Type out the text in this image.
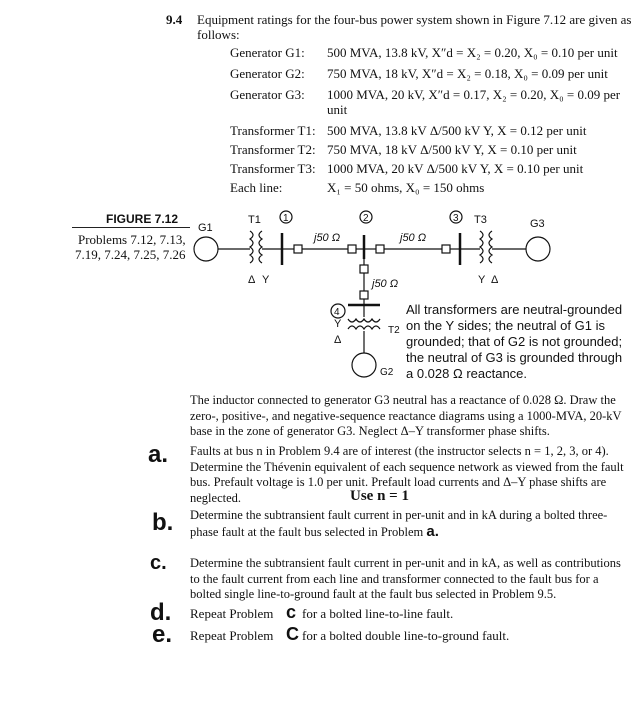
9.4 Equipment ratings for the four-bus power system shown in Figure 7.12 are given as
follows:
Generator G1: 500 MVA, 13.8 kV, X″d = X₂ = 0.20, X₀ = 0.10 per unit
Generator G2: 750 MVA, 18 kV, X″d = X₂ = 0.18, X₀ = 0.09 per unit
Generator G3: 1000 MVA, 20 kV, X″d = 0.17, X₂ = 0.20, X₀ = 0.09 per
unit
Transformer T1: 500 MVA, 13.8 kV Δ/500 kV Y, X = 0.12 per unit
Transformer T2: 750 MVA, 18 kV Δ/500 kV Y, X = 0.10 per unit
Transformer T3: 1000 MVA, 20 kV Δ/500 kV Y, X = 0.10 per unit
Each line:	X₁ = 50 ohms, X₀ = 150 ohms
FIGURE 7.12
Problems 7.12, 7.13,
7.19, 7.24, 7.25, 7.26
G1
T1 1	2	3
4
T3	G3
j50 Ω	j50 Ω
j50 Ω
Δ Y	Y Δ
Y
Δ
T2
G2
All transformers are neutral-grounded
on the Y sides; the neutral of G1 is
grounded; that of G2 is not grounded;
the neutral of G3 is grounded through
a 0.028 Ω reactance.
The inductor connected to generator G3 neutral has a reactance of 0.028 Ω. Draw the zero-, positive-, and negative-sequence reactance diagrams using a 1000-MVA, 20-kV base in the zone of generator G3. Neglect Δ–Y transformer phase shifts.
a. Faults at bus n in Problem 9.4 are of interest (the instructor selects n = 1, 2, 3, or 4). Determine the Thévenin equivalent of each sequence network as viewed from the fault bus. Prefault voltage is 1.0 per unit. Prefault load currents and Δ–Y phase shifts are neglected.	Use n = 1
b. Determine the subtransient fault current in per-unit and in kA during a bolted three-phase fault at the fault bus selected in Problem a.
c. Determine the subtransient fault current in per-unit and in kA, as well as contributions to the fault current from each line and transformer connected to the fault bus for a bolted single line-to-ground fault at the fault bus selected in Problem 9.5.
d. Repeat Problem c for a bolted line-to-line fault.
e. Repeat Problem C for a bolted double line-to-ground fault.
